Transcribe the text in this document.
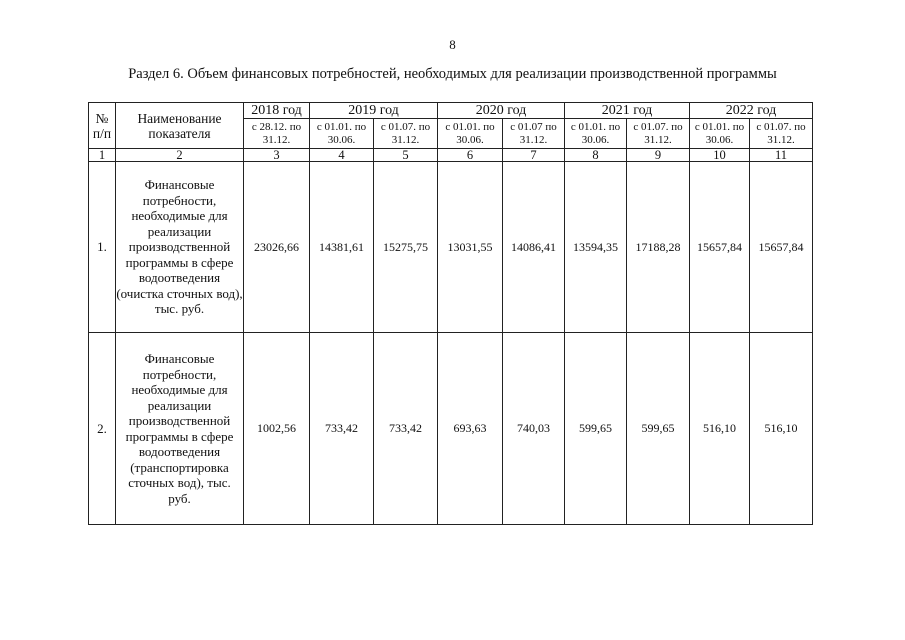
8
Раздел 6. Объем финансовых потребностей, необходимых для реализации производственной программы
№ п/п	Наименование показателя	2018 год	2019 год		2020 год		2021 год		2022 год	
		с 28.12. по 31.12.	с 01.01. по 30.06.	с 01.07. по 31.12.	с 01.01. по 30.06.	с 01.07 по 31.12.	с 01.01. по 30.06.	с 01.07. по 31.12.	с 01.01. по 30.06.	с 01.07. по 31.12.
1	2	3	4	5	6	7	8	9	10	11
1.	Финансовые потребности, необходимые для реализации производственной программы в сфере водоотведения (очистка сточных вод), тыс. руб.	23026,66	14381,61	15275,75	13031,55	14086,41	13594,35	17188,28	15657,84	15657,84
2.	Финансовые потребности, необходимые для реализации производственной программы в сфере водоотведения (транспортировка сточных вод), тыс. руб.	1002,56	733,42	733,42	693,63	740,03	599,65	599,65	516,10	516,10
